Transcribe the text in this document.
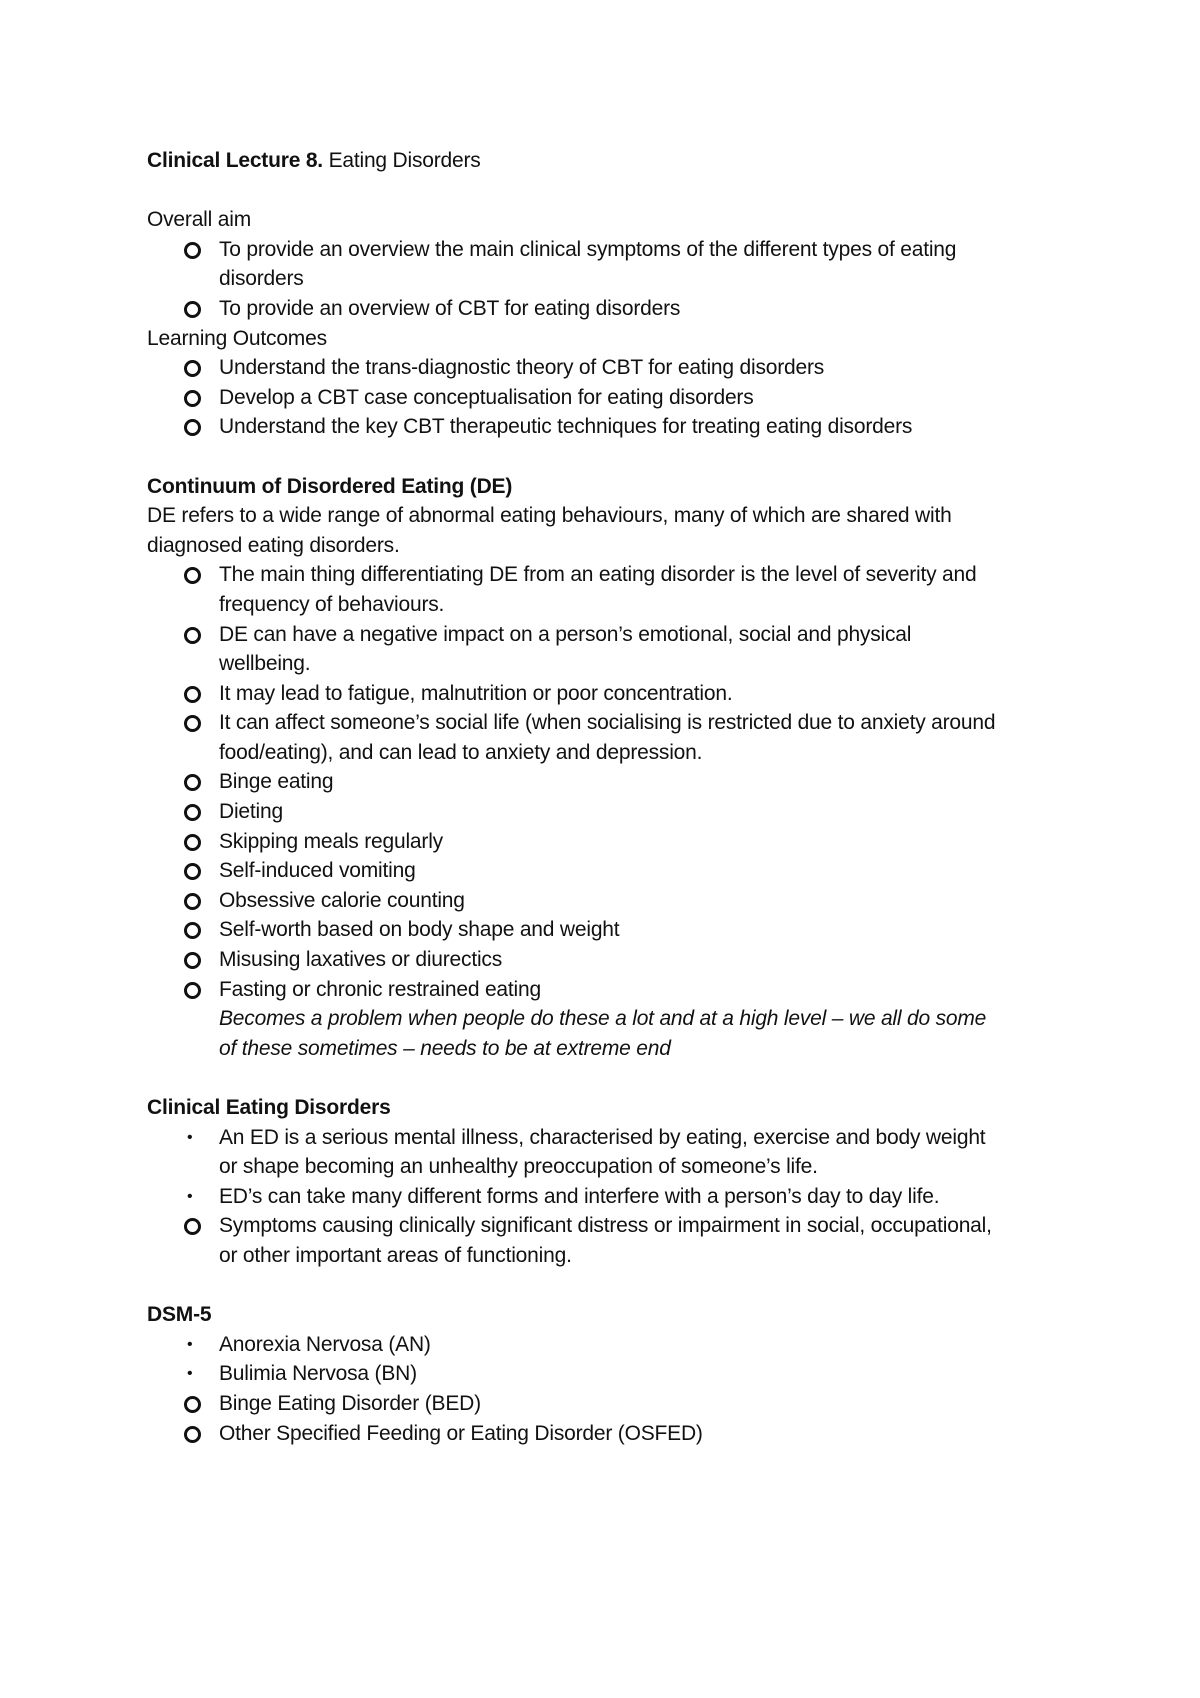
Clinical Lecture 8. Eating Disorders

Overall aim

To provide an overview the main clinical symptoms of the different types of eating
disorders
To provide an overview of CBT for eating disorders

Learning Outcomes

Understand the trans-diagnostic theory of CBT for eating disorders
Develop a CBT case conceptualisation for eating disorders
Understand the key CBT therapeutic techniques for treating eating disorders

Continuum of Disordered Eating (DE)

DE refers to a wide range of abnormal eating behaviours, many of which are shared with
diagnosed eating disorders.

The main thing differentiating DE from an eating disorder is the level of severity and
frequency of behaviours.
DE can have a negative impact on a person’s emotional, social and physical
wellbeing.
It may lead to fatigue, malnutrition or poor concentration.
It can affect someone’s social life (when socialising is restricted due to anxiety around
food/eating), and can lead to anxiety and depression.
Binge eating
Dieting
Skipping meals regularly
Self-induced vomiting
Obsessive calorie counting
Self-worth based on body shape and weight
Misusing laxatives or diurectics
Fasting or chronic restrained eating

Becomes a problem when people do these a lot and at a high level – we all do some
of these sometimes – needs to be at extreme end

Clinical Eating Disorders

• An ED is a serious mental illness, characterised by eating, exercise and body weight
or shape becoming an unhealthy preoccupation of someone’s life.
• ED’s can take many different forms and interfere with a person’s day to day life.
Symptoms causing clinically significant distress or impairment in social, occupational,
or other important areas of functioning.

DSM-5

• Anorexia Nervosa (AN)
• Bulimia Nervosa (BN)
Binge Eating Disorder (BED)
Other Specified Feeding or Eating Disorder (OSFED)
